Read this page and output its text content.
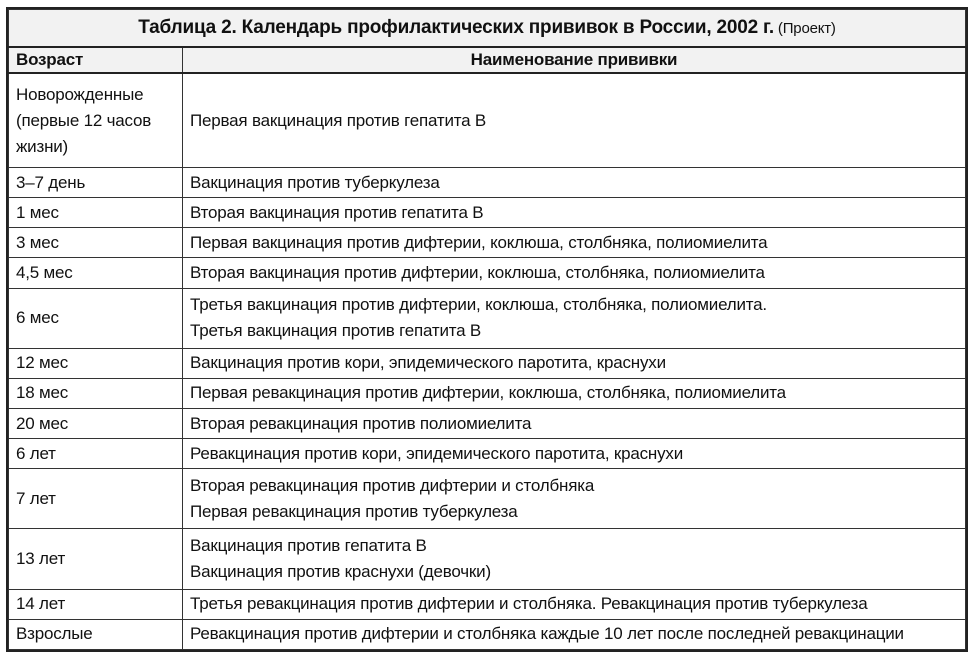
Таблица 2. Календарь профилактических прививок в России, 2002 г. (Проект)	
Возраст	Наименование прививки

Новорожденные
(первые 12 часов
жизни)	Первая вакцинация против гепатита В

3–7 день	Вакцинация против туберкулеза

1 мес	Вторая вакцинация против гепатита В

3 мес	Первая вакцинация против дифтерии, коклюша, столбняка, полиомиелита

4,5 мес	Вторая вакцинация против дифтерии, коклюша, столбняка, полиомиелита

6 мес	Третья вакцинация против дифтерии, коклюша, столбняка, полиомиелита.
Третья вакцинация против гепатита В

12 мес	Вакцинация против кори, эпидемического паротита, краснухи

18 мес	Первая ревакцинация против дифтерии, коклюша, столбняка, полиомиелита

20 мес	Вторая ревакцинация против полиомиелита

6 лет	Ревакцинация против кори, эпидемического паротита, краснухи

7 лет	Вторая ревакцинация против дифтерии и столбняка
Первая ревакцинация против туберкулеза

13 лет	Вакцинация против гепатита В
Вакцинация против краснухи (девочки)

14 лет	Третья ревакцинация против дифтерии и столбняка. Ревакцинация против туберкулеза

Взрослые	Ревакцинация против дифтерии и столбняка каждые 10 лет после последней ревакцинации
